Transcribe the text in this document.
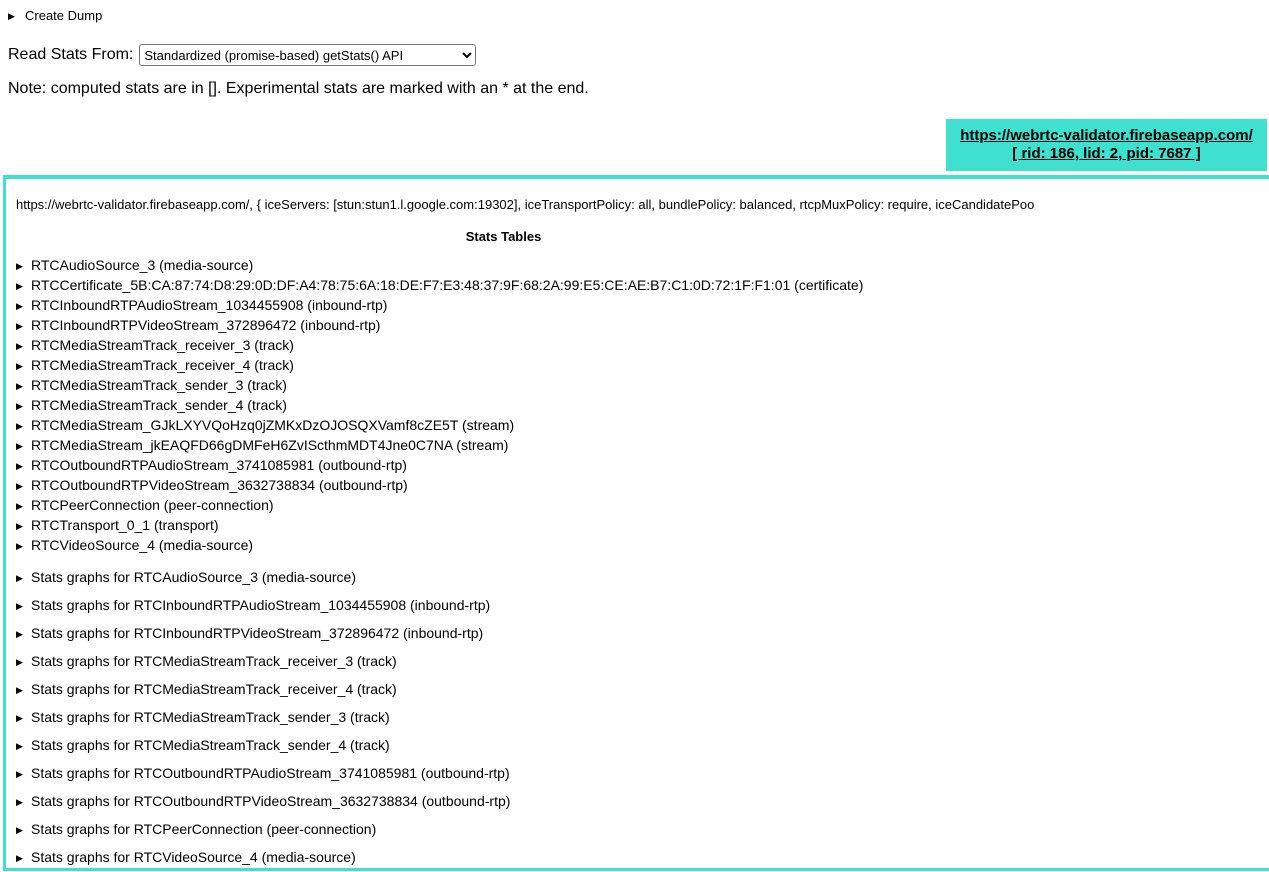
▶ Create Dump
Read Stats From:
Standardized (promise-based) getStats() API
Note: computed stats are in []. Experimental stats are marked with an * at the end.
https://webrtc-validator.firebaseapp.com/
[ rid: 186, lid: 2, pid: 7687 ]
https://webrtc-validator.firebaseapp.com/, { iceServers: [stun:stun1.l.google.com:19302], iceTransportPolicy: all, bundlePolicy: balanced, rtcpMuxPolicy: require, iceCandidatePoo
Stats Tables
▶ RTCAudioSource_3 (media-source)
▶ RTCCertificate_5B:CA:87:74:D8:29:0D:DF:A4:78:75:6A:18:DE:F7:E3:48:37:9F:68:2A:99:E5:CE:AE:B7:C1:0D:72:1F:F1:01 (certificate)
▶ RTCInboundRTPAudioStream_1034455908 (inbound-rtp)
▶ RTCInboundRTPVideoStream_372896472 (inbound-rtp)
▶ RTCMediaStreamTrack_receiver_3 (track)
▶ RTCMediaStreamTrack_receiver_4 (track)
▶ RTCMediaStreamTrack_sender_3 (track)
▶ RTCMediaStreamTrack_sender_4 (track)
▶ RTCMediaStream_GJkLXYVQoHzq0jZMKxDzOJOSQXVamf8cZE5T (stream)
▶ RTCMediaStream_jkEAQFD66gDMFeH6ZvIScthmMDT4Jne0C7NA (stream)
▶ RTCOutboundRTPAudioStream_3741085981 (outbound-rtp)
▶ RTCOutboundRTPVideoStream_3632738834 (outbound-rtp)
▶ RTCPeerConnection (peer-connection)
▶ RTCTransport_0_1 (transport)
▶ RTCVideoSource_4 (media-source)
▶ Stats graphs for RTCAudioSource_3 (media-source)
▶ Stats graphs for RTCInboundRTPAudioStream_1034455908 (inbound-rtp)
▶ Stats graphs for RTCInboundRTPVideoStream_372896472 (inbound-rtp)
▶ Stats graphs for RTCMediaStreamTrack_receiver_3 (track)
▶ Stats graphs for RTCMediaStreamTrack_receiver_4 (track)
▶ Stats graphs for RTCMediaStreamTrack_sender_3 (track)
▶ Stats graphs for RTCMediaStreamTrack_sender_4 (track)
▶ Stats graphs for RTCOutboundRTPAudioStream_3741085981 (outbound-rtp)
▶ Stats graphs for RTCOutboundRTPVideoStream_3632738834 (outbound-rtp)
▶ Stats graphs for RTCPeerConnection (peer-connection)
▶ Stats graphs for RTCVideoSource_4 (media-source)
